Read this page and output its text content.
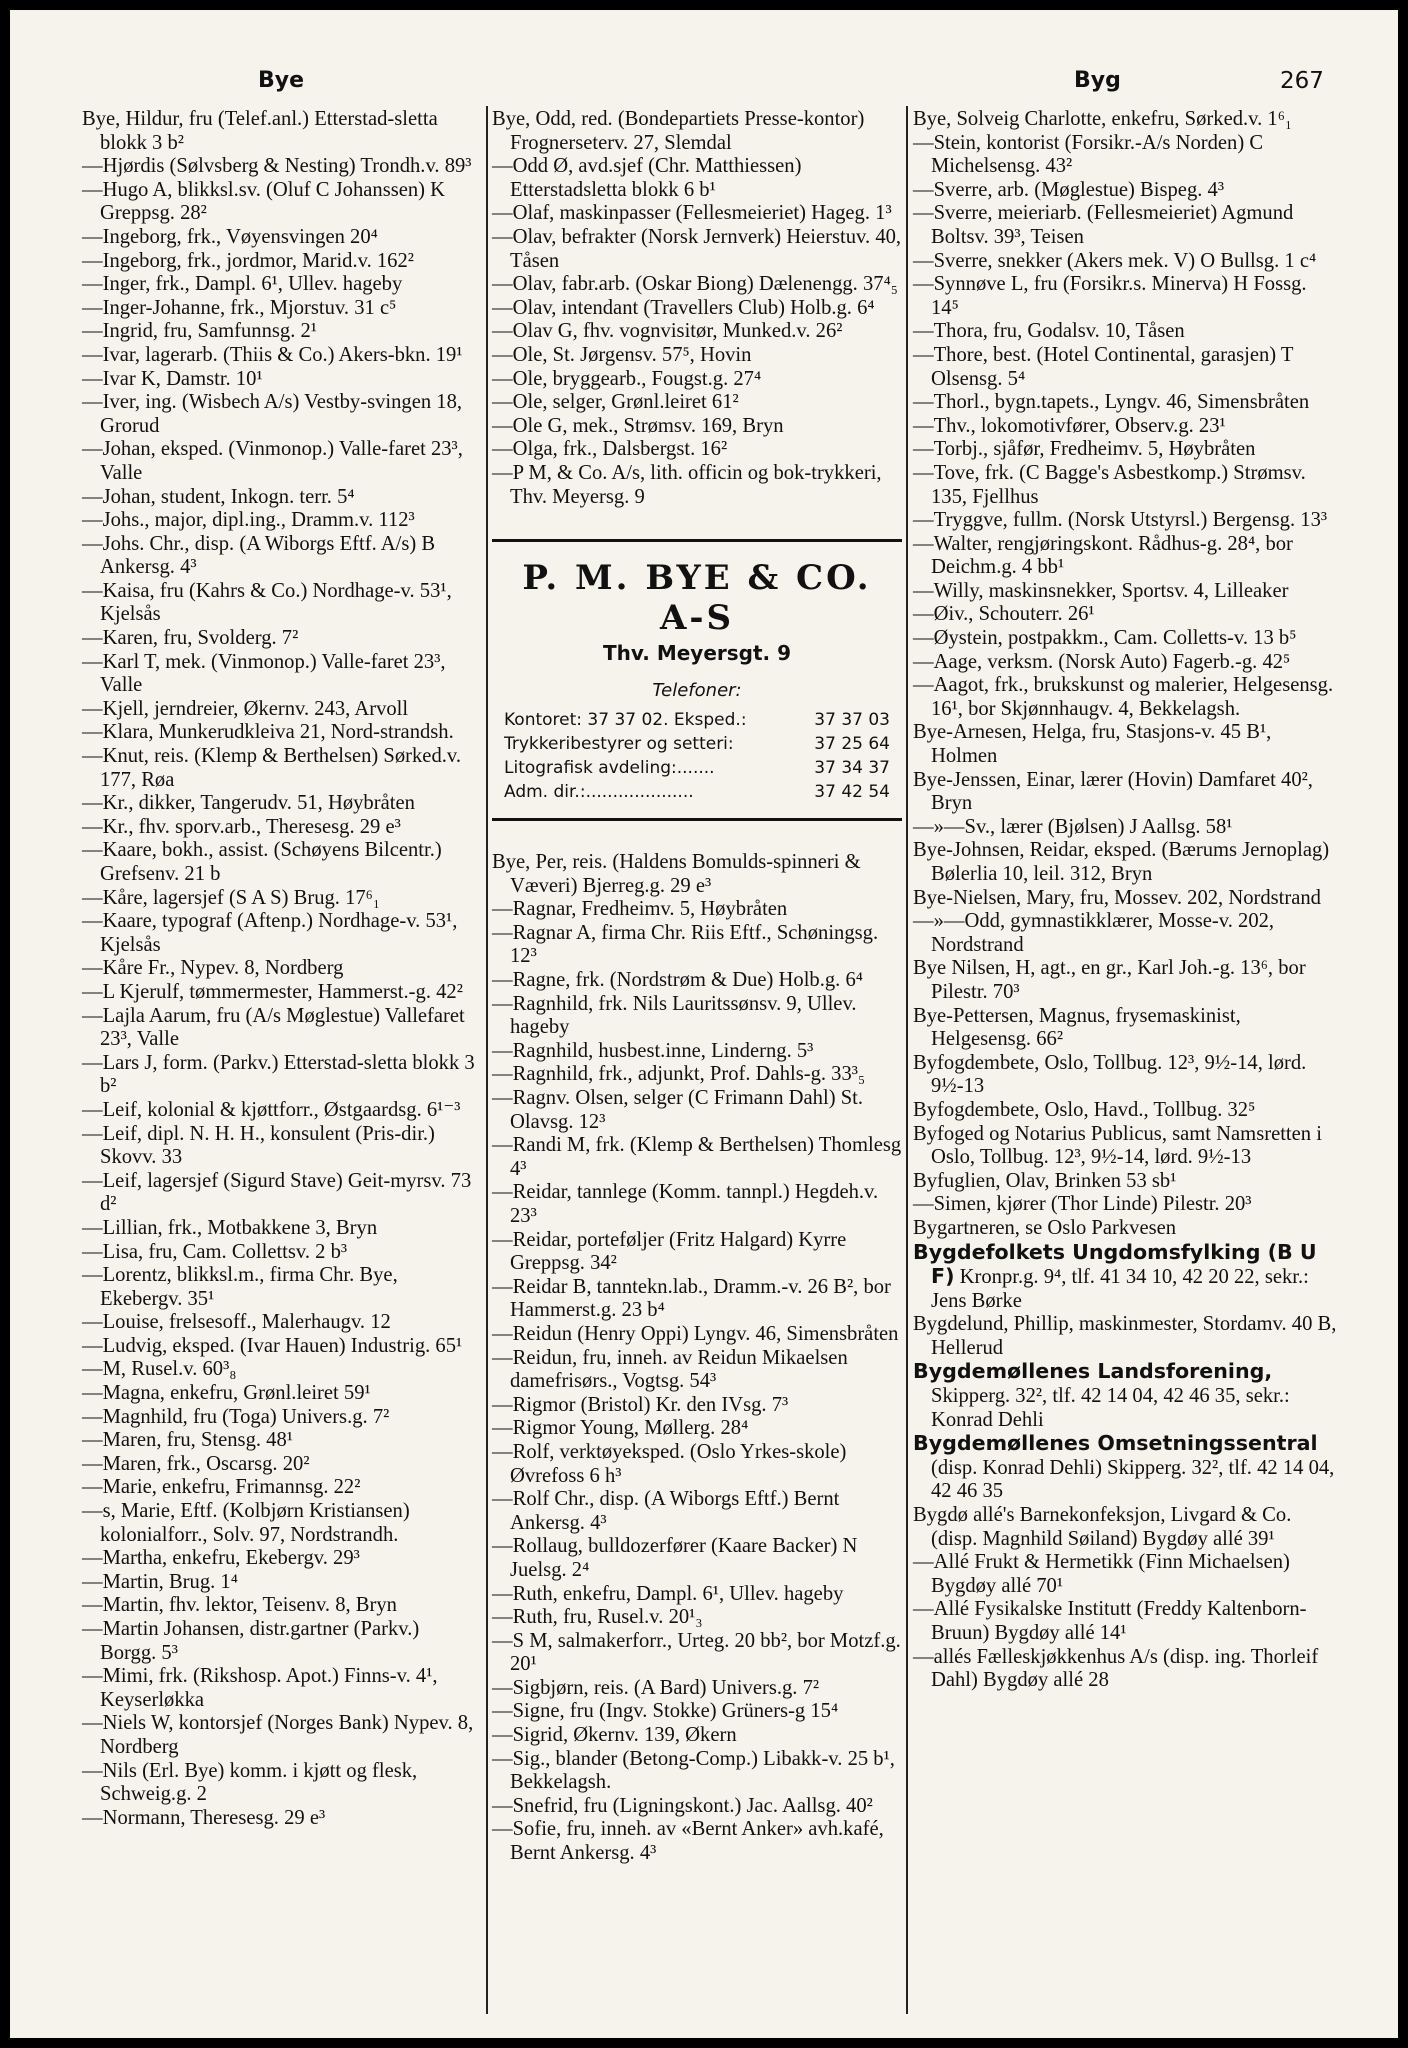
Bye	Byg	267

Bye, Hildur, fru (Telef.anl.) Etterstad-sletta blokk 3 b²

—Hjørdis (Sølvsberg & Nesting) Trondh.v. 89³

—Hugo A, blikksl.sv. (Oluf C Johanssen) K Greppsg. 28²

—Ingeborg, frk., Vøyensvingen 20⁴

—Ingeborg, frk., jordmor, Marid.v. 162²

—Inger, frk., Dampl. 6¹, Ullev. hageby

—Inger-Johanne, frk., Mjorstuv. 31 c⁵

—Ingrid, fru, Samfunnsg. 2¹

—Ivar, lagerarb. (Thiis & Co.) Akers-bkn. 19¹

—Ivar K, Damstr. 10¹

—Iver, ing. (Wisbech A/s) Vestby-svingen 18, Grorud

—Johan, eksped. (Vinmonop.) Valle-faret 23³, Valle

—Johan, student, Inkogn. terr. 5⁴

—Johs., major, dipl.ing., Dramm.v. 112³

—Johs. Chr., disp. (A Wiborgs Eftf. A/s) B Ankersg. 4³

—Kaisa, fru (Kahrs & Co.) Nordhage-v. 53¹, Kjelsås

—Karen, fru, Svolderg. 7²

—Karl T, mek. (Vinmonop.) Valle-faret 23³, Valle

—Kjell, jerndreier, Økernv. 243, Arvoll

—Klara, Munkerudkleiva 21, Nord-strandsh.

—Knut, reis. (Klemp & Berthelsen) Sørked.v. 177, Røa

—Kr., dikker, Tangerudv. 51, Høybråten

—Kr., fhv. sporv.arb., Theresesg. 29 e³

—Kaare, bokh., assist. (Schøyens Bilcentr.) Grefsenv. 21 b

—Kåre, lagersjef (S A S) Brug. 17⁶₁

—Kaare, typograf (Aftenp.) Nordhage-v. 53¹, Kjelsås

—Kåre Fr., Nypev. 8, Nordberg

—L Kjerulf, tømmermester, Hammerst.-g. 42²

—Lajla Aarum, fru (A/s Møglestue) Vallefaret 23³, Valle

—Lars J, form. (Parkv.) Etterstad-sletta blokk 3 b²

—Leif, kolonial & kjøttforr., Østgaardsg. 6¹⁻³

—Leif, dipl. N. H. H., konsulent (Pris-dir.) Skovv. 33

—Leif, lagersjef (Sigurd Stave) Geit-myrsv. 73 d²

—Lillian, frk., Motbakkene 3, Bryn

—Lisa, fru, Cam. Collettsv. 2 b³

—Lorentz, blikksl.m., firma Chr. Bye, Ekebergv. 35¹

—Louise, frelsesoff., Malerhaugv. 12

—Ludvig, eksped. (Ivar Hauen) Industrig. 65¹

—M, Rusel.v. 60³₈

—Magna, enkefru, Grønl.leiret 59¹

—Magnhild, fru (Toga) Univers.g. 7²

—Maren, fru, Stensg. 48¹

—Maren, frk., Oscarsg. 20²

—Marie, enkefru, Frimannsg. 22²

—s, Marie, Eftf. (Kolbjørn Kristiansen) kolonialforr., Solv. 97, Nordstrandh.

—Martha, enkefru, Ekebergv. 29³

—Martin, Brug. 1⁴

—Martin, fhv. lektor, Teisenv. 8, Bryn

—Martin Johansen, distr.gartner (Parkv.) Borgg. 5³

—Mimi, frk. (Rikshosp. Apot.) Finns-v. 4¹, Keyserløkka

—Niels W, kontorsjef (Norges Bank) Nypev. 8, Nordberg

—Nils (Erl. Bye) komm. i kjøtt og flesk, Schweig.g. 2

—Normann, Theresesg. 29 e³

Bye, Odd, red. (Bondepartiets Presse-kontor) Frognerseterv. 27, Slemdal

—Odd Ø, avd.sjef (Chr. Matthiessen) Etterstadsletta blokk 6 b¹

—Olaf, maskinpasser (Fellesmeieriet) Hageg. 1³

—Olav, befrakter (Norsk Jernverk) Heierstuv. 40, Tåsen

—Olav, fabr.arb. (Oskar Biong) Dælenengg. 37⁴₅

—Olav, intendant (Travellers Club) Holb.g. 6⁴

—Olav G, fhv. vognvisitør, Munked.v. 26²

—Ole, St. Jørgensv. 57⁵, Hovin

—Ole, bryggearb., Fougst.g. 27⁴

—Ole, selger, Grønl.leiret 61²

—Ole G, mek., Strømsv. 169, Bryn

—Olga, frk., Dalsbergst. 16²

—P M, & Co. A/s, lith. officin og bok-trykkeri, Thv. Meyersg. 9

P. M. BYE & CO. A-S
Thv. Meyersgt. 9
Telefoner:
Kontoret: 37 37 02. Eksped.:	37 37 03
Trykkeribestyrer og setteri:	37 25 64
Litografisk avdeling:.......	37 34 37
Adm. dir.:....................	37 42 54

Bye, Per, reis. (Haldens Bomulds-spinneri & Væveri) Bjerreg.g. 29 e³

—Ragnar, Fredheimv. 5, Høybråten

—Ragnar A, firma Chr. Riis Eftf., Schøningsg. 12³

—Ragne, frk. (Nordstrøm & Due) Holb.g. 6⁴

—Ragnhild, frk. Nils Lauritssønsv. 9, Ullev. hageby

—Ragnhild, husbest.inne, Linderng. 5³

—Ragnhild, frk., adjunkt, Prof. Dahls-g. 33³₅

—Ragnv. Olsen, selger (C Frimann Dahl) St. Olavsg. 12³

—Randi M, frk. (Klemp & Berthelsen) Thomlesg 4³

—Reidar, tannlege (Komm. tannpl.) Hegdeh.v. 23³

—Reidar, porteføljer (Fritz Halgard) Kyrre Greppsg. 34²

—Reidar B, tanntekn.lab., Dramm.-v. 26 B², bor Hammerst.g. 23 b⁴

—Reidun (Henry Oppi) Lyngv. 46, Simensbråten

—Reidun, fru, inneh. av Reidun Mikaelsen damefrisørs., Vogtsg. 54³

—Rigmor (Bristol) Kr. den IVsg. 7³

—Rigmor Young, Møllerg. 28⁴

—Rolf, verktøyeksped. (Oslo Yrkes-skole) Øvrefoss 6 h³

—Rolf Chr., disp. (A Wiborgs Eftf.) Bernt Ankersg. 4³

—Rollaug, bulldozerfører (Kaare Backer) N Juelsg. 2⁴

—Ruth, enkefru, Dampl. 6¹, Ullev. hageby

—Ruth, fru, Rusel.v. 20¹₃

—S M, salmakerforr., Urteg. 20 bb², bor Motzf.g. 20¹

—Sigbjørn, reis. (A Bard) Univers.g. 7²

—Signe, fru (Ingv. Stokke) Grüners-g 15⁴

—Sigrid, Økernv. 139, Økern

—Sig., blander (Betong-Comp.) Libakk-v. 25 b¹, Bekkelagsh.

—Snefrid, fru (Ligningskont.) Jac. Aallsg. 40²

—Sofie, fru, inneh. av «Bernt Anker» avh.kafé, Bernt Ankersg. 4³

Bye, Solveig Charlotte, enkefru, Sørked.v. 1⁶₁

—Stein, kontorist (Forsikr.-A/s Norden) C Michelsensg. 43²

—Sverre, arb. (Møglestue) Bispeg. 4³

—Sverre, meieriarb. (Fellesmeieriet) Agmund Boltsv. 39³, Teisen

—Sverre, snekker (Akers mek. V) O Bullsg. 1 c⁴

—Synnøve L, fru (Forsikr.s. Minerva) H Fossg. 14⁵

—Thora, fru, Godalsv. 10, Tåsen

—Thore, best. (Hotel Continental, garasjen) T Olsensg. 5⁴

—Thorl., bygn.tapets., Lyngv. 46, Simensbråten

—Thv., lokomotivfører, Observ.g. 23¹

—Torbj., sjåfør, Fredheimv. 5, Høybråten

—Tove, frk. (C Bagge's Asbestkomp.) Strømsv. 135, Fjellhus

—Tryggve, fullm. (Norsk Utstyrsl.) Bergensg. 13³

—Walter, rengjøringskont. Rådhus-g. 28⁴, bor Deichm.g. 4 bb¹

—Willy, maskinsnekker, Sportsv. 4, Lilleaker

—Øiv., Schouterr. 26¹

—Øystein, postpakkm., Cam. Colletts-v. 13 b⁵

—Aage, verksm. (Norsk Auto) Fagerb.-g. 42⁵

—Aagot, frk., brukskunst og malerier, Helgesensg. 16¹, bor Skjønnhaugv. 4, Bekkelagsh.

Bye-Arnesen, Helga, fru, Stasjons-v. 45 B¹, Holmen

Bye-Jenssen, Einar, lærer (Hovin) Damfaret 40², Bryn

—»—Sv., lærer (Bjølsen) J Aallsg. 58¹

Bye-Johnsen, Reidar, eksped. (Bærums Jernoplag) Bølerlia 10, leil. 312, Bryn

Bye-Nielsen, Mary, fru, Mossev. 202, Nordstrand

—»—Odd, gymnastikklærer, Mosse-v. 202, Nordstrand

Bye Nilsen, H, agt., en gr., Karl Joh.-g. 13⁶, bor Pilestr. 70³

Bye-Pettersen, Magnus, frysemaskinist, Helgesensg. 66²

Byfogdembete, Oslo, Tollbug. 12³, 9½-14, lørd. 9½-13

Byfogdembete, Oslo, Havd., Tollbug. 32⁵

Byfoged og Notarius Publicus, samt Namsretten i Oslo, Tollbug. 12³, 9½-14, lørd. 9½-13

Byfuglien, Olav, Brinken 53 sb¹

—Simen, kjører (Thor Linde) Pilestr. 20³

Bygartneren, se Oslo Parkvesen

Bygdefolkets Ungdomsfylking (B U F) Kronpr.g. 9⁴, tlf. 41 34 10, 42 20 22, sekr.: Jens Børke

Bygdelund, Phillip, maskinmester, Stordamv. 40 B, Hellerud

Bygdemøllenes Landsforening, Skipperg. 32², tlf. 42 14 04, 42 46 35, sekr.: Konrad Dehli

Bygdemøllenes Omsetningssentral (disp. Konrad Dehli) Skipperg. 32², tlf. 42 14 04, 42 46 35

Bygdø allé's Barnekonfeksjon, Livgard & Co. (disp. Magnhild Søiland) Bygdøy allé 39¹

—Allé Frukt & Hermetikk (Finn Michaelsen) Bygdøy allé 70¹

—Allé Fysikalske Institutt (Freddy Kaltenborn-Bruun) Bygdøy allé 14¹

—allés Fælleskjøkkenhus A/s (disp. ing. Thorleif Dahl) Bygdøy allé 28
